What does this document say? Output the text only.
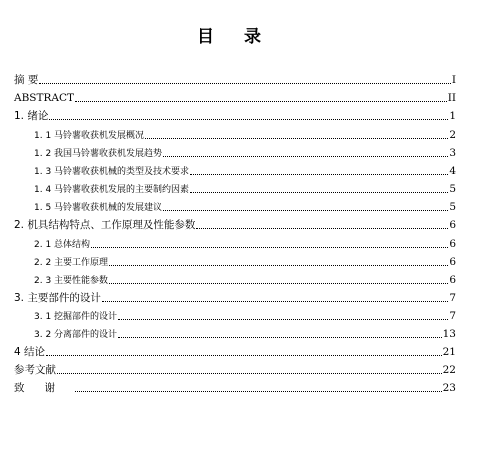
目 录
摘 要	I
ABSTRACT	II
1. 绪论	1
1. 1 马铃薯收获机发展概况	2
1. 2 我国马铃薯收获机发展趋势	3
1. 3 马铃薯收获机械的类型及技术要求	4
1. 4 马铃薯收获机发展的主要制约因素	5
1. 5 马铃薯收获机械的发展建议	5
2. 机具结构特点、工作原理及性能参数	6
2. 1 总体结构	6
2. 2 主要工作原理	6
2. 3 主要性能参数	6
3. 主要部件的设计	7
3. 1 挖掘部件的设计	7
3. 2 分离部件的设计	13
4 结论	21
参考文献	22
致      谢	23
